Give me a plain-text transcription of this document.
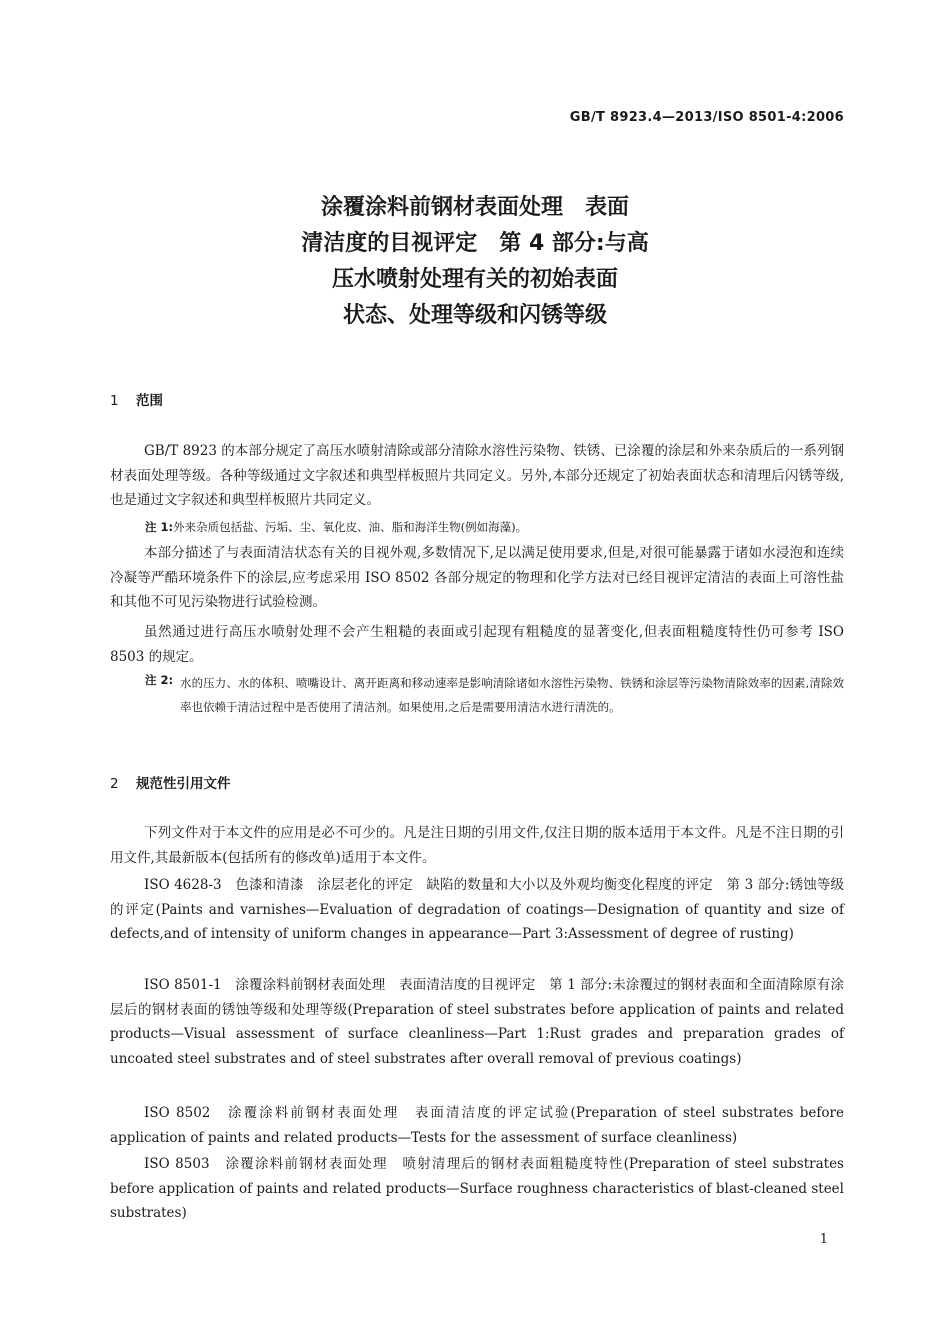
GB/T 8923.4—2013/ISO 8501-4:2006
涂覆涂料前钢材表面处理　表面
清洁度的目视评定　第 4 部分:与高
压水喷射处理有关的初始表面
状态、处理等级和闪锈等级
1 范围
GB/T 8923 的本部分规定了高压水喷射清除或部分清除水溶性污染物、铁锈、已涂覆的涂层和外来杂质后的一系列钢材表面处理等级。各种等级通过文字叙述和典型样板照片共同定义。另外,本部分还规定了初始表面状态和清理后闪锈等级,也是通过文字叙述和典型样板照片共同定义。
注 1:外来杂质包括盐、污垢、尘、氧化皮、油、脂和海洋生物(例如海藻)。
本部分描述了与表面清洁状态有关的目视外观,多数情况下,足以满足使用要求,但是,对很可能暴露于诸如水浸泡和连续冷凝等严酷环境条件下的涂层,应考虑采用 ISO 8502 各部分规定的物理和化学方法对已经目视评定清洁的表面上可溶性盐和其他不可见污染物进行试验检测。
虽然通过进行高压水喷射处理不会产生粗糙的表面或引起现有粗糙度的显著变化,但表面粗糙度特性仍可参考 ISO 8503 的规定。
注 2: 水的压力、水的体积、喷嘴设计、离开距离和移动速率是影响清除诸如水溶性污染物、铁锈和涂层等污染物清除效率的因素,清除效率也依赖于清洁过程中是否使用了清洁剂。如果使用,之后是需要用清洁水进行清洗的。
2 规范性引用文件
下列文件对于本文件的应用是必不可少的。凡是注日期的引用文件,仅注日期的版本适用于本文件。凡是不注日期的引用文件,其最新版本(包括所有的修改单)适用于本文件。
ISO 4628-3　色漆和清漆　涂层老化的评定　缺陷的数量和大小以及外观均衡变化程度的评定　第 3 部分:锈蚀等级的评定(Paints and varnishes—Evaluation of degradation of coatings—Designation of quantity and size of defects,and of intensity of uniform changes in appearance—Part 3:Assessment of degree of rusting)
ISO 8501-1　涂覆涂料前钢材表面处理　表面清洁度的目视评定　第 1 部分:未涂覆过的钢材表面和全面清除原有涂层后的钢材表面的锈蚀等级和处理等级(Preparation of steel substrates before application of paints and related products—Visual assessment of surface cleanliness—Part 1:Rust grades and preparation grades of uncoated steel substrates and of steel substrates after overall removal of previous coatings)
ISO 8502　涂覆涂料前钢材表面处理　表面清洁度的评定试验(Preparation of steel substrates before application of paints and related products—Tests for the assessment of surface cleanliness)
ISO 8503　涂覆涂料前钢材表面处理　喷射清理后的钢材表面粗糙度特性(Preparation of steel substrates before application of paints and related products—Surface roughness characteristics of blast-cleaned steel substrates)
1
